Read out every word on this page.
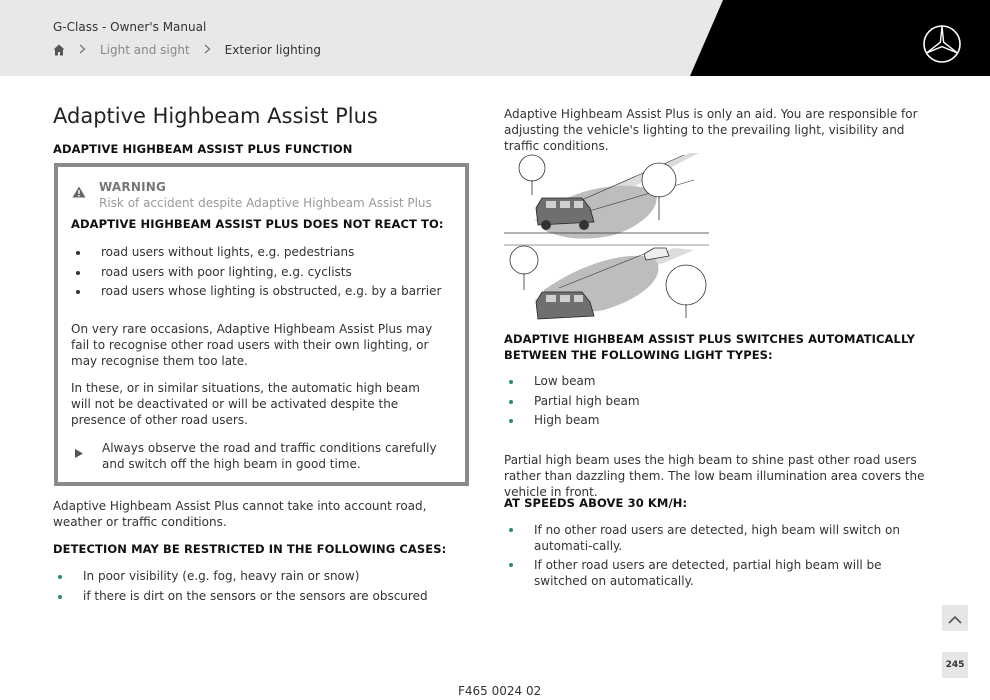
G-Class - Owner's Manual
Light and sight	Exterior lighting
Adaptive Highbeam Assist Plus
ADAPTIVE HIGHBEAM ASSIST PLUS FUNCTION
WARNING
Risk of accident despite Adaptive Highbeam Assist Plus
ADAPTIVE HIGHBEAM ASSIST PLUS DOES NOT REACT TO:
road users without lights, e.g. pedestrians
road users with poor lighting, e.g. cyclists
road users whose lighting is obstructed, e.g. by a barrier

On very rare occasions, Adaptive Highbeam Assist Plus may fail to recognise other road users with their own lighting, or may recognise them too late.

In these, or in similar situations, the automatic high beam will not be deactivated or will be activated despite the presence of other road users.

Always observe the road and traffic conditions carefully and switch off the high beam in good time.

Adaptive Highbeam Assist Plus cannot take into account road, weather or traffic conditions.

DETECTION MAY BE RESTRICTED IN THE FOLLOWING CASES:
In poor visibility (e.g. fog, heavy rain or snow)
if there is dirt on the sensors or the sensors are obscured

Adaptive Highbeam Assist Plus is only an aid. You are responsible for adjusting the vehicle's lighting to the prevailing light, visibility and traffic conditions.

ADAPTIVE HIGHBEAM ASSIST PLUS SWITCHES AUTOMATICALLY BETWEEN THE FOLLOWING LIGHT TYPES:
Low beam
Partial high beam
High beam

Partial high beam uses the high beam to shine past other road users rather than dazzling them. The low beam illumination area covers the vehicle in front.

AT SPEEDS ABOVE 30 KM/H:
If no other road users are detected, high beam will switch on automati-cally.
If other road users are detected, partial high beam will be switched on automatically.
245
F465 0024 02
